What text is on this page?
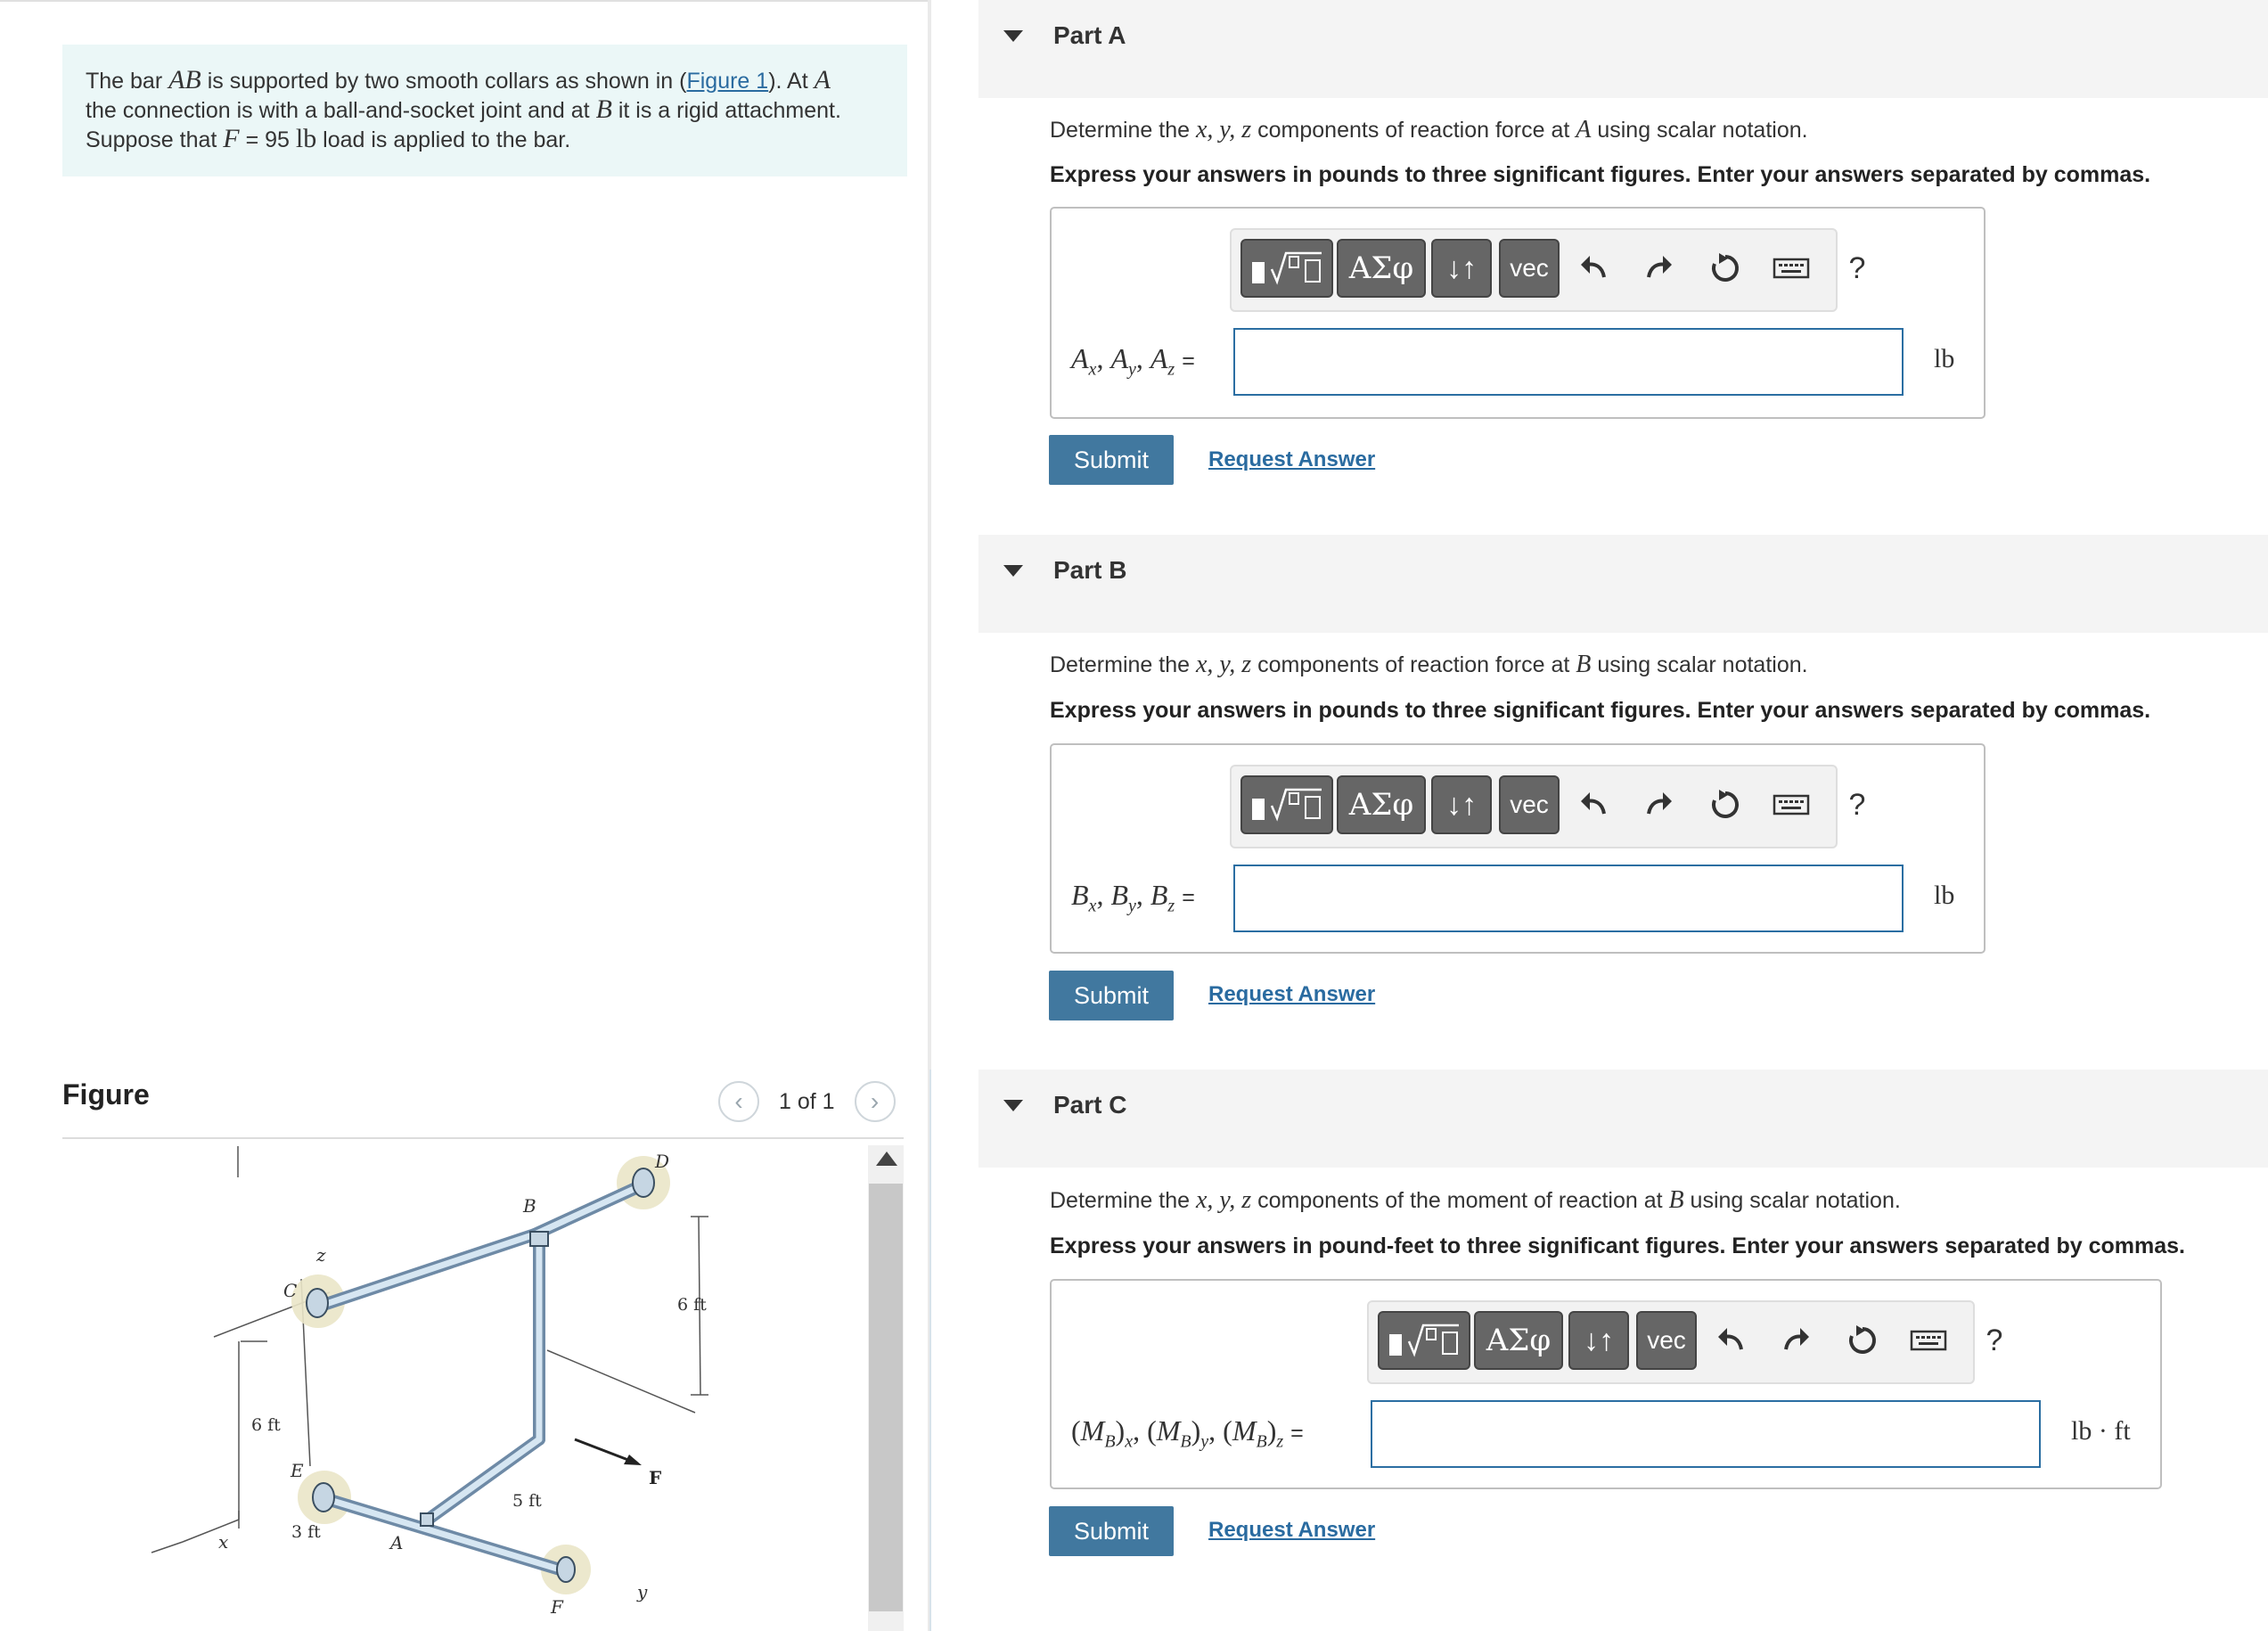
The bar AB is supported by two smooth collars as shown in (Figure 1). At A
the connection is with a ball-and-socket joint and at B it is a rigid attachment.
Suppose that F = 95 lb load is applied to the bar.
Figure	‹	1 of 1	›
D
B
z
C
E
x	A
F
y
6 ft
6 ft
5 ft
3 ft
F
Part A
Determine the x, y, z components of reaction force at A using scalar notation.
Express your answers in pounds to three significant figures. Enter your answers separated by commas.
ΑΣφ	↓↑	vec	?
$A_x$, $A_y$, $A_z$ =	lb
Submit	Request Answer
Part B
Determine the x, y, z components of reaction force at B using scalar notation.
Express your answers in pounds to three significant figures. Enter your answers separated by commas.
ΑΣφ	↓↑	vec	?
$B_x$, $B_y$, $B_z$ =	lb
Submit	Request Answer
Part C
Determine the x, y, z components of the moment of reaction at B using scalar notation.
Express your answers in pound-feet to three significant figures. Enter your answers separated by commas.
ΑΣφ	↓↑	vec	?
$(M_B)_x$, $(M_B)_y$, $(M_B)_z$ =	lb · ft
Submit	Request Answer
